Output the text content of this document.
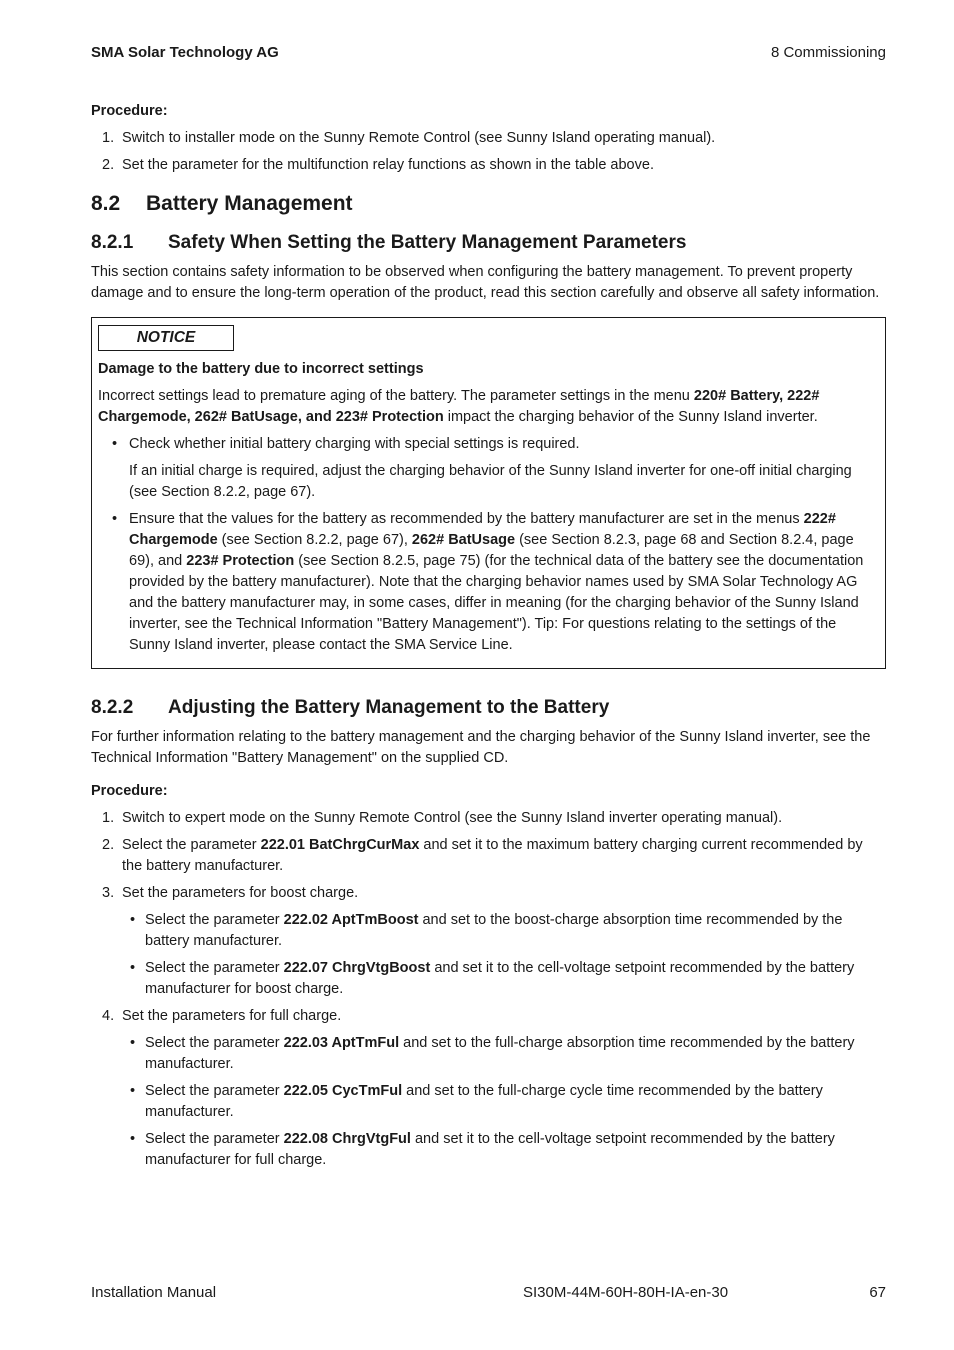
SMA Solar Technology AG	8 Commissioning
Procedure:
1. Switch to installer mode on the Sunny Remote Control (see Sunny Island operating manual).
2. Set the parameter for the multifunction relay functions as shown in the table above.
8.2 Battery Management
8.2.1 Safety When Setting the Battery Management Parameters

This section contains safety information to be observed when configuring the battery management. To prevent property damage and to ensure the long-term operation of the product, read this section carefully and observe all safety information.

NOTICE
Damage to the battery due to incorrect settings

Incorrect settings lead to premature aging of the battery. The parameter settings in the menu 220# Battery, 222# Chargemode, 262# BatUsage, and 223# Protection impact the charging behavior of the Sunny Island inverter.

• Check whether initial battery charging with special settings is required.
If an initial charge is required, adjust the charging behavior of the Sunny Island inverter for one-off initial charging (see Section 8.2.2, page 67).
• Ensure that the values for the battery as recommended by the battery manufacturer are set in the menus 222# Chargemode (see Section 8.2.2, page 67), 262# BatUsage (see Section 8.2.3, page 68 and Section 8.2.4, page 69), and 223# Protection (see Section 8.2.5, page 75) (for the technical data of the battery see the documentation provided by the battery manufacturer). Note that the charging behavior names used by SMA Solar Technology AG and the battery manufacturer may, in some cases, differ in meaning (for the charging behavior of the Sunny Island inverter, see the Technical Information "Battery Management"). Tip: For questions relating to the settings of the Sunny Island inverter, please contact the SMA Service Line.
8.2.2 Adjusting the Battery Management to the Battery

For further information relating to the battery management and the charging behavior of the Sunny Island inverter, see the Technical Information "Battery Management" on the supplied CD.

Procedure:
1. Switch to expert mode on the Sunny Remote Control (see the Sunny Island inverter operating manual).
2. Select the parameter 222.01 BatChrgCurMax and set it to the maximum battery charging current recommended by the battery manufacturer.
3. Set the parameters for boost charge.
• Select the parameter 222.02 AptTmBoost and set to the boost-charge absorption time recommended by the battery manufacturer.
• Select the parameter 222.07 ChrgVtgBoost and set it to the cell-voltage setpoint recommended by the battery manufacturer for boost charge.
4. Set the parameters for full charge.
• Select the parameter 222.03 AptTmFul and set to the full-charge absorption time recommended by the battery manufacturer.
• Select the parameter 222.05 CycTmFul and set to the full-charge cycle time recommended by the battery manufacturer.
• Select the parameter 222.08 ChrgVtgFul and set it to the cell-voltage setpoint recommended by the battery manufacturer for full charge.
Installation Manual	SI30M-44M-60H-80H-IA-en-30	67
